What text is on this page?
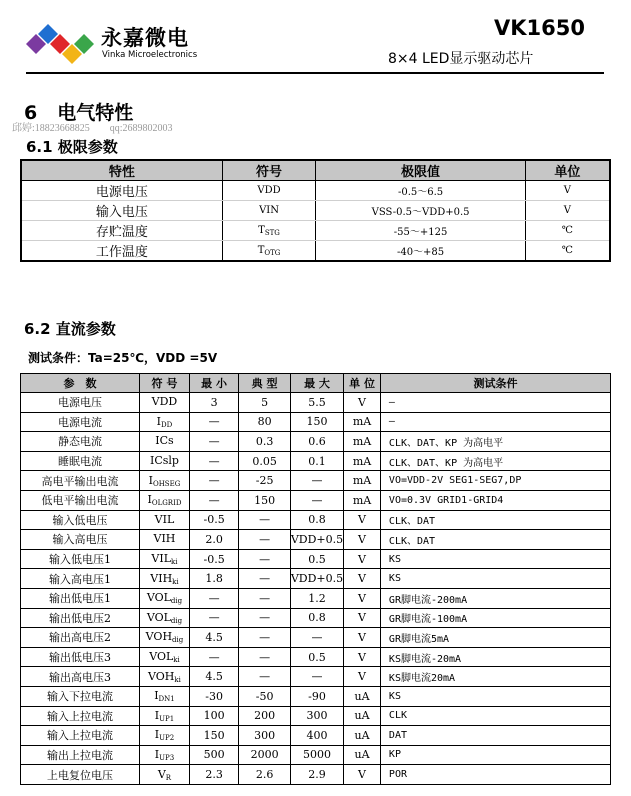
永嘉微电
Vinka Microelectronics
VK1650
8×4 LED显示驱动芯片
6 电气特性
邱婷:18823668825 qq:2689802003
6.1 极限参数
特性	符号	极限值	单位
电源电压	VDD	-0.5～6.5	V
输入电压	VIN	VSS-0.5～VDD+0.5	V
存贮温度	$T_{STG}$	-55～+125	℃
工作温度	$T_{OTG}$	-40～+85	℃
6.2 直流参数
测试条件：Ta=25℃，VDD =5V
参　数	符 号	最 小	典 型	最 大	单 位	测试条件
电源电压	VDD	3	5	5.5	V	—
电源电流	$I_{DD}$	—	80	150	mA	—
静态电流	ICs	—	0.3	0.6	mA	CLK、DAT、KP 为高电平
睡眠电流	ICslp	—	0.05	0.1	mA	CLK、DAT、KP 为高电平
高电平输出电流	$I_{OHSEG}$	—	-25	—	mA	VO=VDD-2V SEG1-SEG7,DP
低电平输出电流	$I_{OLGRID}$	—	150	—	mA	VO=0.3V GRID1-GRID4
输入低电压	VIL	-0.5	—	0.8	V	CLK、DAT
输入高电压	VIH	2.0	—	VDD+0.5	V	CLK、DAT
输入低电压1	$VIL_{ki}$	-0.5	—	0.5	V	KS
输入高电压1	$VIH_{ki}$	1.8	—	VDD+0.5	V	KS
输出低电压1	$VOL_{dig}$	—	—	1.2	V	GR脚电流-200mA
输出低电压2	$VOL_{dig}$	—	—	0.8	V	GR脚电流-100mA
输出高电压2	$VOH_{dig}$	4.5	—	—	V	GR脚电流5mA
输出低电压3	$VOL_{ki}$	—	—	0.5	V	KS脚电流-20mA
输出高电压3	$VOH_{ki}$	4.5	—	—	V	KS脚电流20mA
输入下拉电流	$I_{DN1}$	-30	-50	-90	uA	KS
输入上拉电流	$I_{UP1}$	100	200	300	uA	CLK
输入上拉电流	$I_{UP2}$	150	300	400	uA	DAT
输出上拉电流	$I_{UP3}$	500	2000	5000	uA	KP
上电复位电压	$V_R$	2.3	2.6	2.9	V	POR
